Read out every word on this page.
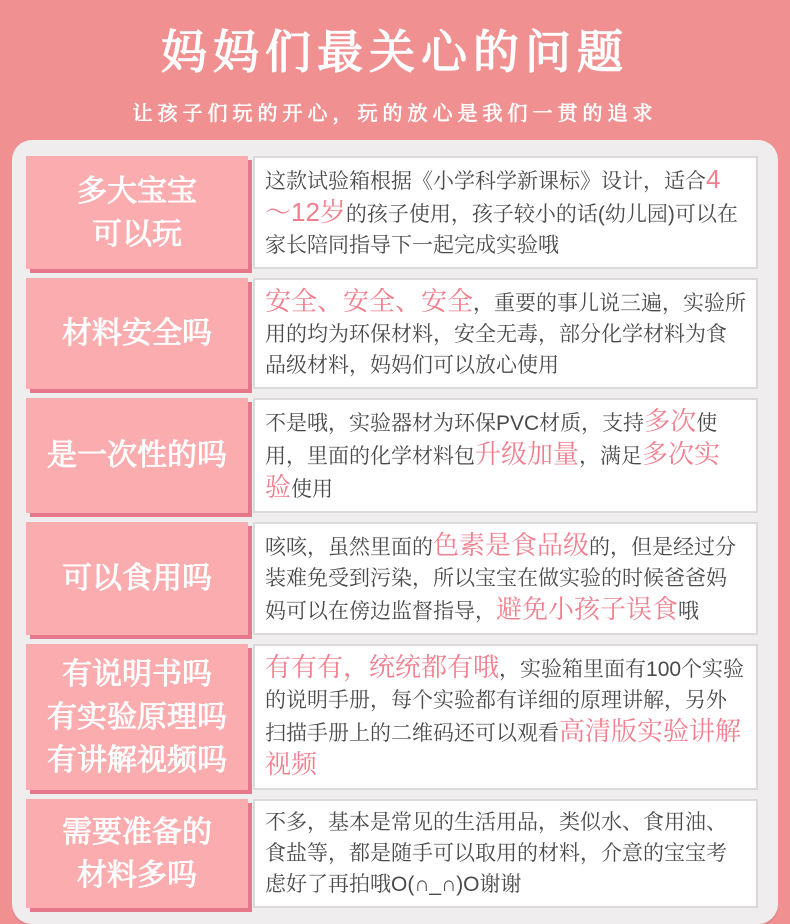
妈妈们最关心的问题
让孩子们玩的开心，玩的放心是我们一贯的追求
多大宝宝
可以玩
这款试验箱根据《小学科学新课标》设计，适合4～12岁的孩子使用，孩子较小的话(幼儿园)可以在家长陪同指导下一起完成实验哦
材料安全吗
安全、安全、安全，重要的事儿说三遍，实验所用的均为环保材料，安全无毒，部分化学材料为食品级材料，妈妈们可以放心使用
是一次性的吗
不是哦，实验器材为环保PVC材质，支持多次使用，里面的化学材料包升级加量，满足多次实验使用
可以食用吗
咳咳，虽然里面的色素是食品级的，但是经过分装难免受到污染，所以宝宝在做实验的时候爸爸妈妈可以在傍边监督指导，避免小孩子误食哦
有说明书吗
有实验原理吗
有讲解视频吗
有有有，统统都有哦，实验箱里面有100个实验的说明手册，每个实验都有详细的原理讲解，另外扫描手册上的二维码还可以观看高清版实验讲解视频
需要准备的
材料多吗
不多，基本是常见的生活用品，类似水、食用油、食盐等，都是随手可以取用的材料，介意的宝宝考虑好了再拍哦O(∩_∩)O谢谢
